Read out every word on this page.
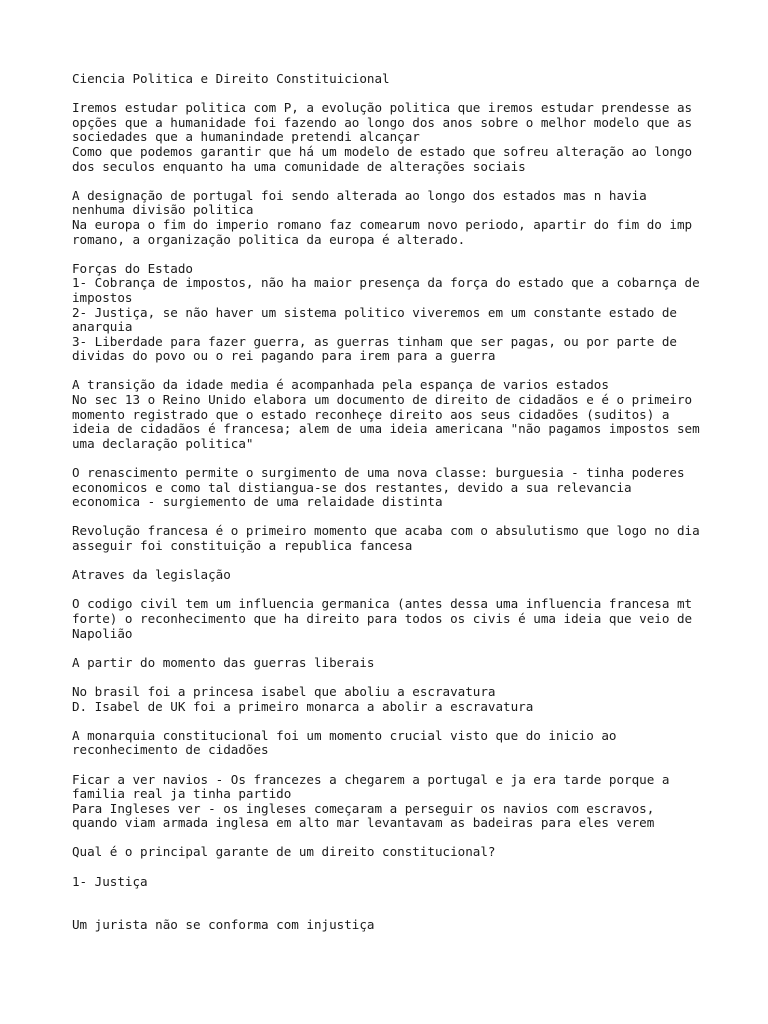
Ciencia Politica e Direito Constituicional
Iremos estudar politica com P, a evolução politica que iremos estudar prendesse as
opções que a humanidade foi fazendo ao longo dos anos sobre o melhor modelo que as
sociedades que a humanindade pretendi alcançar
Como que podemos garantir que há um modelo de estado que sofreu alteração ao longo
dos seculos enquanto ha uma comunidade de alterações sociais
A designação de portugal foi sendo alterada ao longo dos estados mas n havia
nenhuma divisão politica
Na europa o fim do imperio romano faz comearum novo periodo, apartir do fim do imp
romano, a organização politica da europa é alterado.
Forças do Estado
1- Cobrança de impostos, não ha maior presença da força do estado que a cobarnça de
impostos
2- Justiça, se não haver um sistema politico viveremos em um constante estado de
anarquia
3- Liberdade para fazer guerra, as guerras tinham que ser pagas, ou por parte de
dividas do povo ou o rei pagando para irem para a guerra
A transição da idade media é acompanhada pela espança de varios estados
No sec 13 o Reino Unido elabora um documento de direito de cidadãos e é o primeiro
momento registrado que o estado reconheçe direito aos seus cidadões (suditos) a
ideia de cidadãos é francesa; alem de uma ideia americana "não pagamos impostos sem
uma declaração politica"
O renascimento permite o surgimento de uma nova classe: burguesia - tinha poderes
economicos e como tal distiangua-se dos restantes, devido a sua relevancia
economica - surgiemento de uma relaidade distinta
Revolução francesa é o primeiro momento que acaba com o absulutismo que logo no dia
asseguir foi constituição a republica fancesa
Atraves da legislação
O codigo civil tem um influencia germanica (antes dessa uma influencia francesa mt
forte) o reconhecimento que ha direito para todos os civis é uma ideia que veio de
Napolião
A partir do momento das guerras liberais
No brasil foi a princesa isabel que aboliu a escravatura
D. Isabel de UK foi a primeiro monarca a abolir a escravatura
A monarquia constitucional foi um momento crucial visto que do inicio ao
reconhecimento de cidadões
Ficar a ver navios - Os francezes a chegarem a portugal e ja era tarde porque a
familia real ja tinha partido
Para Ingleses ver - os ingleses começaram a perseguir os navios com escravos,
quando viam armada inglesa em alto mar levantavam as badeiras para eles verem
Qual é o principal garante de um direito constitucional?
1- Justiça
Um jurista não se conforma com injustiça
